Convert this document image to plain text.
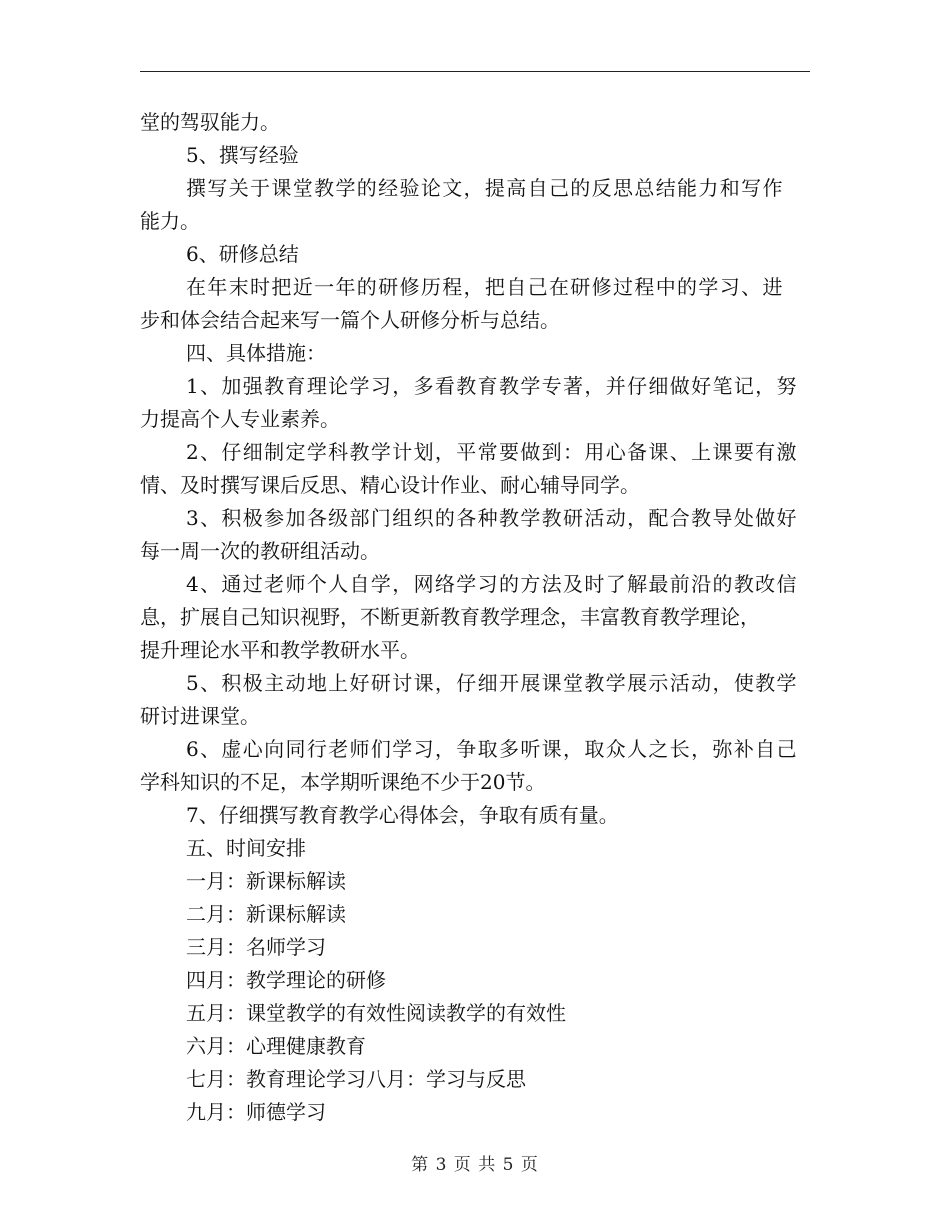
堂的驾驭能力。
5、撰写经验
撰写关于课堂教学的经验论文，提高自己的反思总结能力和写作
能力。
6、研修总结
在年末时把近一年的研修历程，把自己在研修过程中的学习、进
步和体会结合起来写一篇个人研修分析与总结。
四、具体措施：
1、加强教育理论学习，多看教育教学专著，并仔细做好笔记，努
力提高个人专业素养。
2、仔细制定学科教学计划，平常要做到：用心备课、上课要有激
情、及时撰写课后反思、精心设计作业、耐心辅导同学。
3、积极参加各级部门组织的各种教学教研活动，配合教导处做好
每一周一次的教研组活动。
4、通过老师个人自学，网络学习的方法及时了解最前沿的教改信
息，扩展自己知识视野，不断更新教育教学理念，丰富教育教学理论，
提升理论水平和教学教研水平。
5、积极主动地上好研讨课，仔细开展课堂教学展示活动，使教学
研讨进课堂。
6、虚心向同行老师们学习，争取多听课，取众人之长，弥补自己
学科知识的不足，本学期听课绝不少于20节。
7、仔细撰写教育教学心得体会，争取有质有量。
五、时间安排
一月：新课标解读
二月：新课标解读
三月：名师学习
四月：教学理论的研修
五月：课堂教学的有效性阅读教学的有效性
六月：心理健康教育
七月：教育理论学习八月：学习与反思
九月：师德学习
第 3 页 共 5 页
